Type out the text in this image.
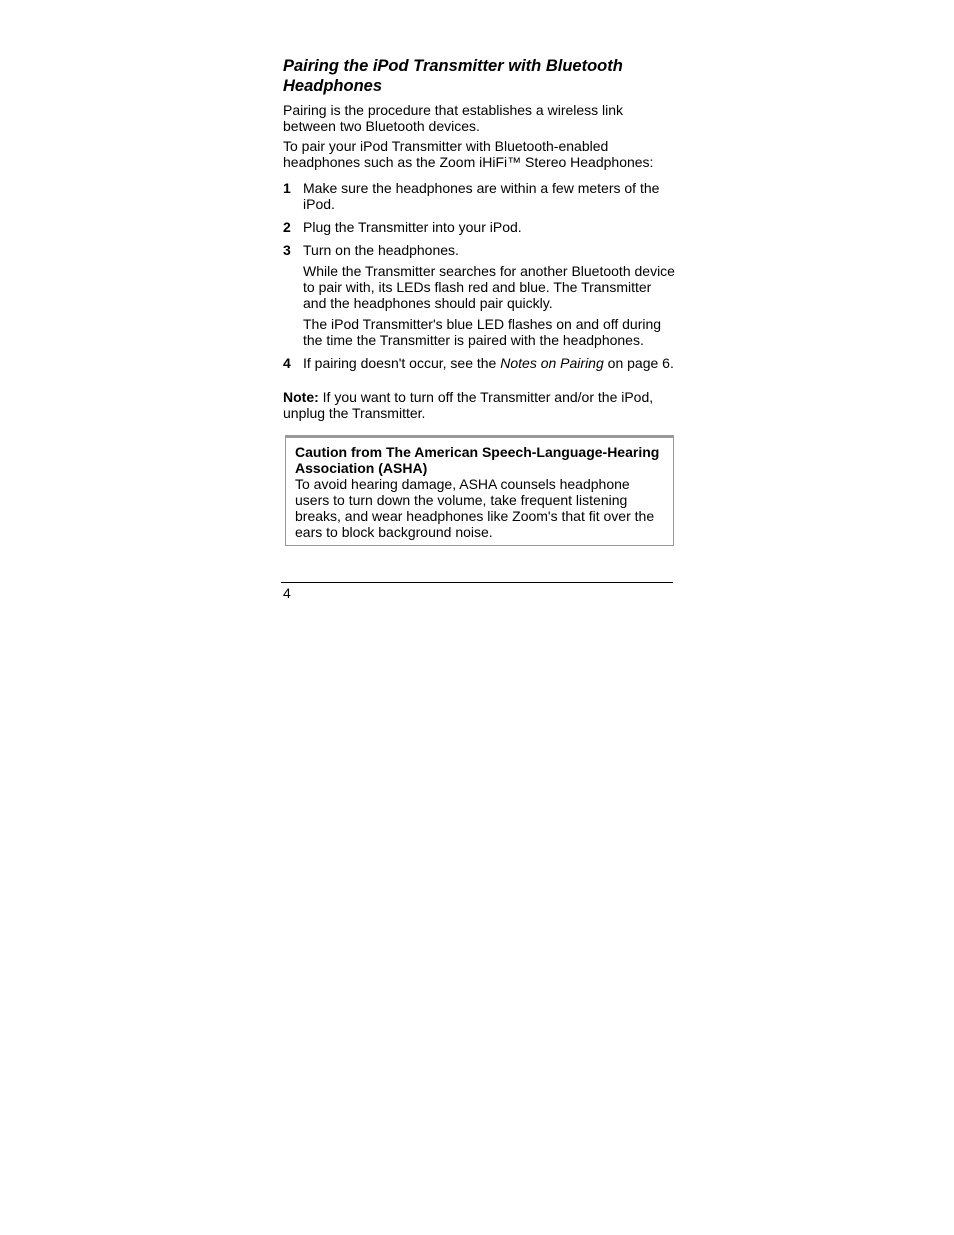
Pairing the iPod Transmitter with Bluetooth Headphones

Pairing is the procedure that establishes a wireless link between two Bluetooth devices.

To pair your iPod Transmitter with Bluetooth-enabled headphones such as the Zoom iHiFi™ Stereo Headphones:

1 Make sure the headphones are within a few meters of the iPod.
2 Plug the Transmitter into your iPod.
3 Turn on the headphones.
While the Transmitter searches for another Bluetooth device to pair with, its LEDs flash red and blue. The Transmitter and the headphones should pair quickly.
The iPod Transmitter's blue LED flashes on and off during the time the Transmitter is paired with the headphones.
4 If pairing doesn't occur, see the Notes on Pairing on page 6.

Note: If you want to turn off the Transmitter and/or the iPod, unplug the Transmitter.

Caution from The American Speech-Language-Hearing Association (ASHA)
To avoid hearing damage, ASHA counsels headphone users to turn down the volume, take frequent listening breaks, and wear headphones like Zoom's that fit over the ears to block background noise.
4
